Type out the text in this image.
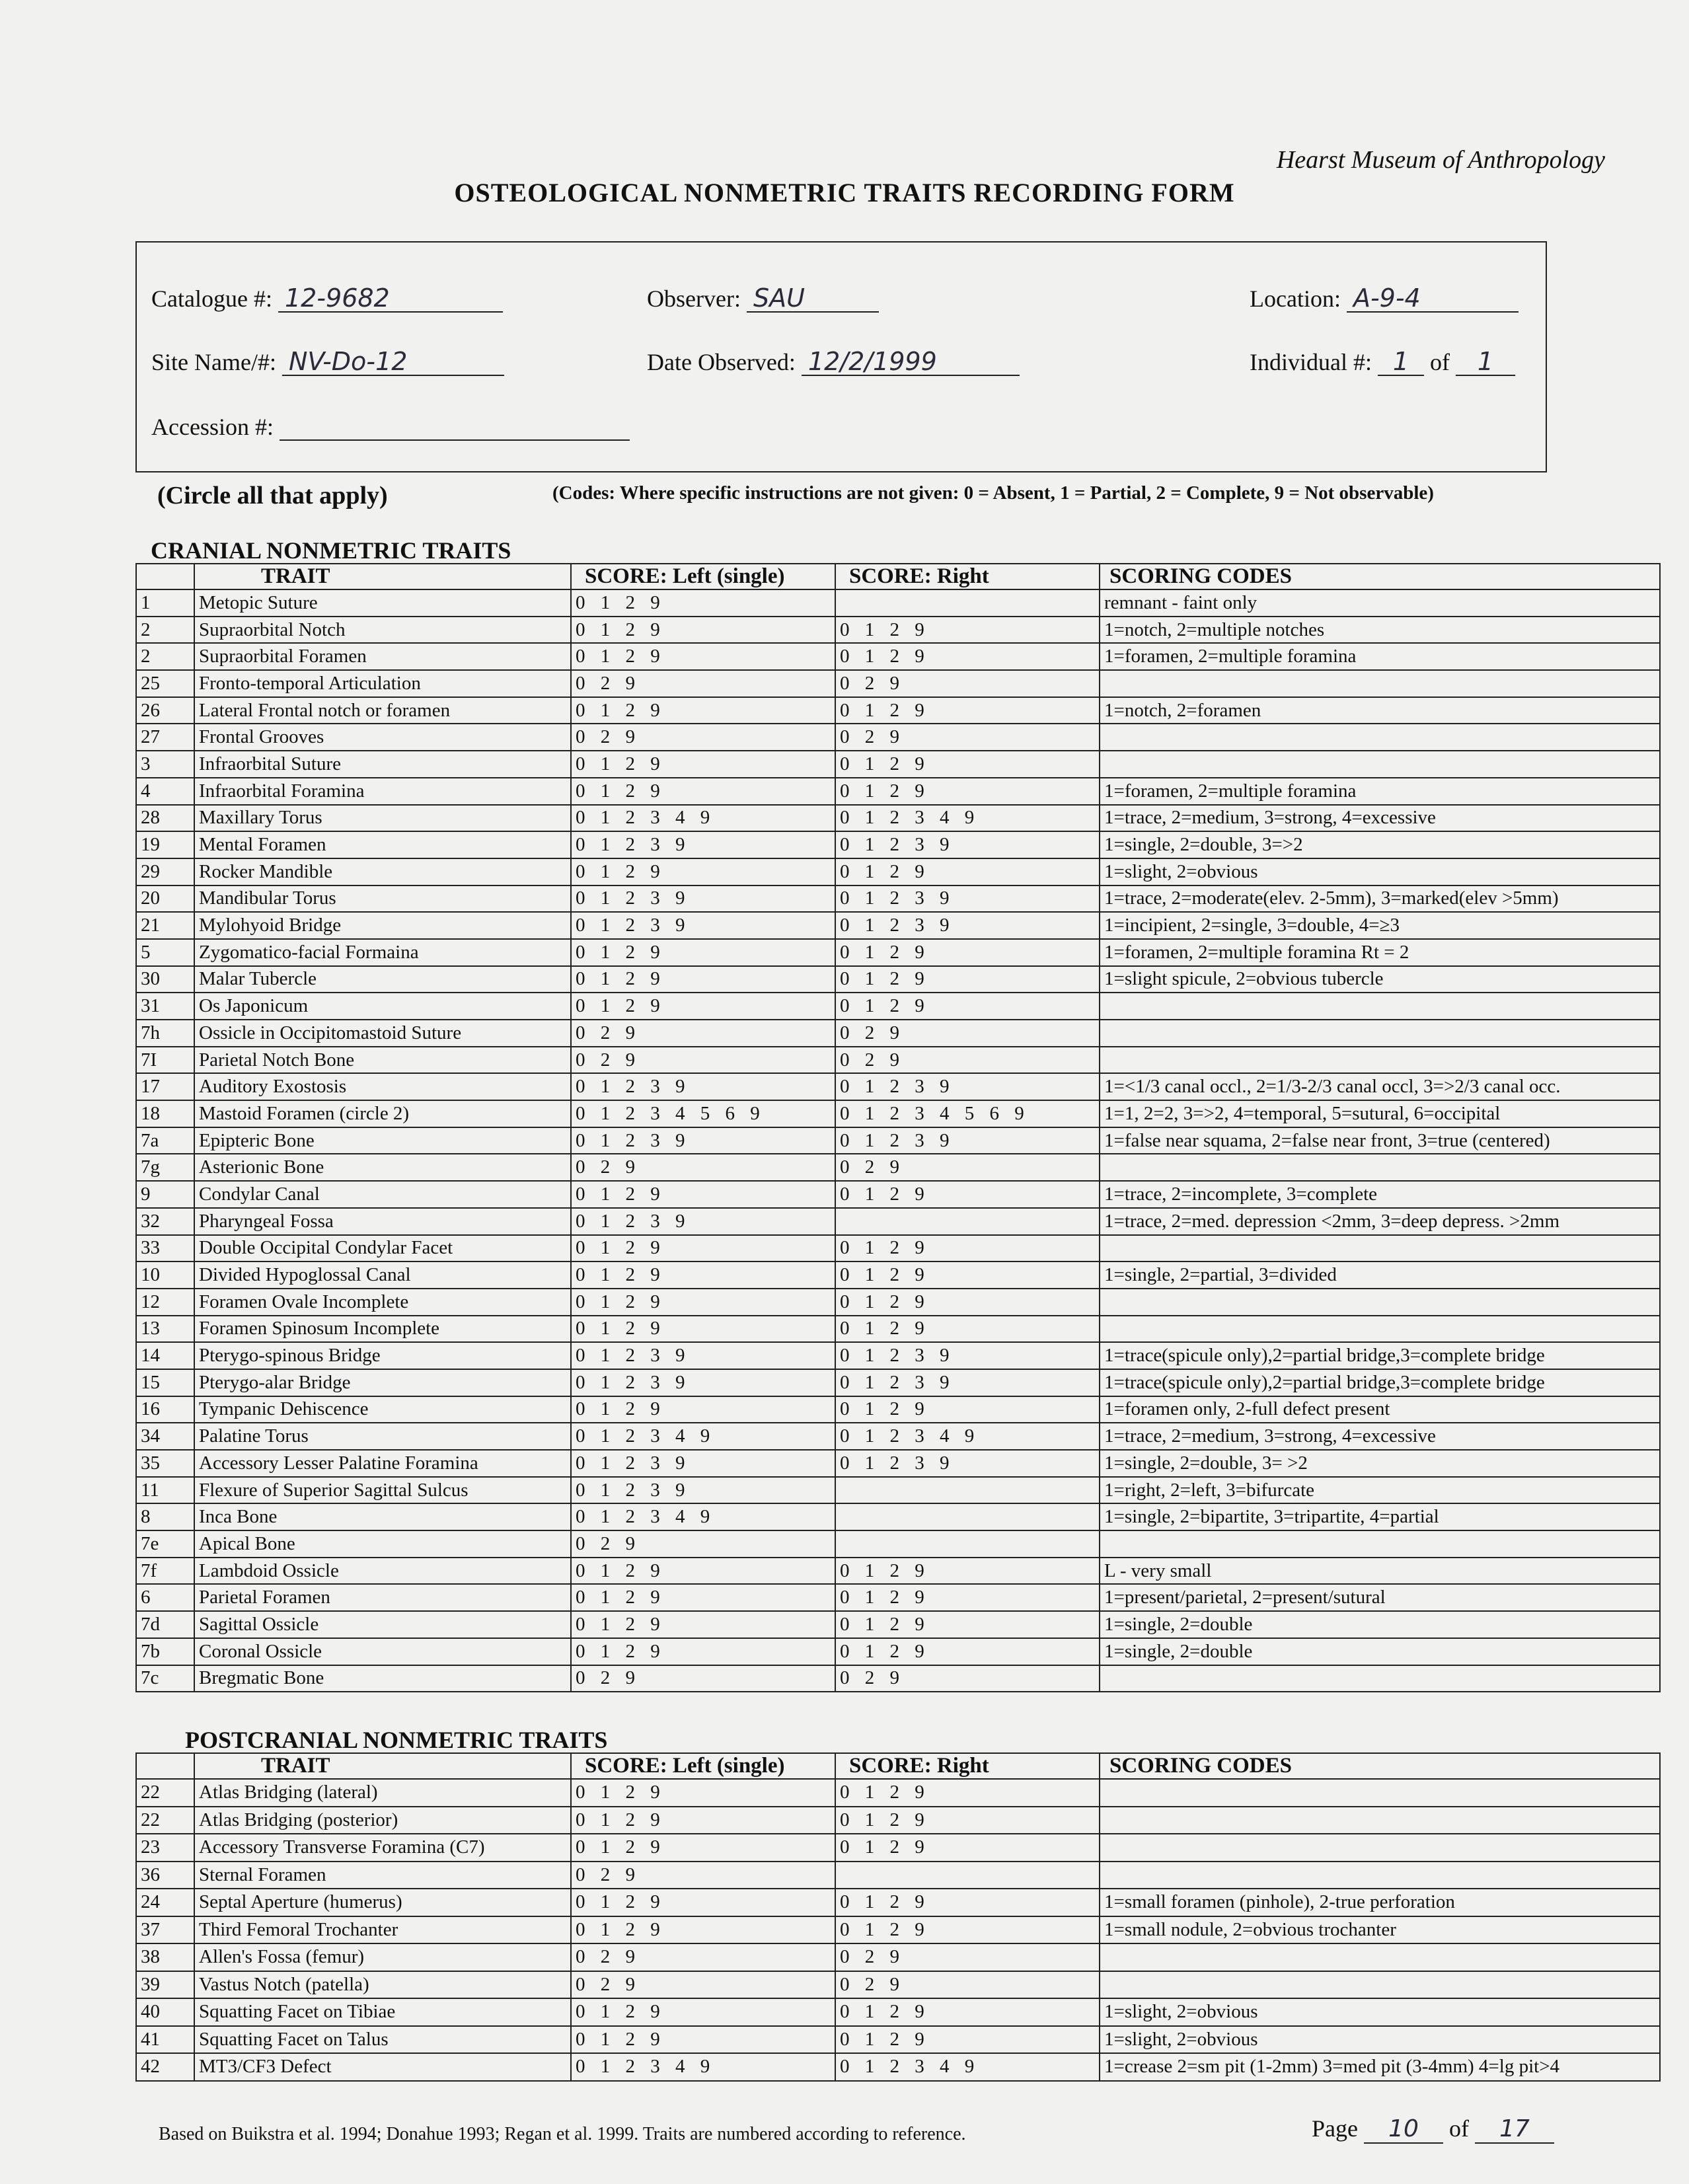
Hearst Museum of Anthropology
OSTEOLOGICAL NONMETRIC TRAITS RECORDING FORM
Catalogue #: 12-9682	Observer: SAU	Location: A-9-4
Site Name/#: NV-Do-12	Date Observed: 12/2/1999	Individual #: 1 of 1
Accession #:
(Circle all that apply)	(Codes: Where specific instructions are not given: 0 = Absent, 1 = Partial, 2 = Complete, 9 = Not observable)
CRANIAL NONMETRIC TRAITS
	TRAIT	SCORE: Left (single)	SCORE: Right	SCORING CODES
1	Metopic Suture	0 1 2 9		remnant - faint only
2	Supraorbital Notch	0 1 2 9	0 1 2 9	1=notch, 2=multiple notches
2	Supraorbital Foramen	0 1 2 9	0 1 2 9	1=foramen, 2=multiple foramina
25	Fronto-temporal Articulation	0 2 9	0 2 9	
26	Lateral Frontal notch or foramen	0 1 2 9	0 1 2 9	1=notch, 2=foramen
27	Frontal Grooves	0 2 9	0 2 9	
3	Infraorbital Suture	0 1 2 9	0 1 2 9	
4	Infraorbital Foramina	0 1 2 9	0 1 2 9	1=foramen, 2=multiple foramina
28	Maxillary Torus	0 1 2 3 4 9	0 1 2 3 4 9	1=trace, 2=medium, 3=strong, 4=excessive
19	Mental Foramen	0 1 2 3 9	0 1 2 3 9	1=single, 2=double, 3=>2
29	Rocker Mandible	0 1 2 9	0 1 2 9	1=slight, 2=obvious
20	Mandibular Torus	0 1 2 3 9	0 1 2 3 9	1=trace, 2=moderate(elev. 2-5mm), 3=marked(elev >5mm)
21	Mylohyoid Bridge	0 1 2 3 9	0 1 2 3 9	1=incipient, 2=single, 3=double, 4=≥3
5	Zygomatico-facial Formaina	0 1 2 9	0 1 2 9	1=foramen, 2=multiple foramina Rt = 2
30	Malar Tubercle	0 1 2 9	0 1 2 9	1=slight spicule, 2=obvious tubercle
31	Os Japonicum	0 1 2 9	0 1 2 9	
7h	Ossicle in Occipitomastoid Suture	0 2 9	0 2 9	
7I	Parietal Notch Bone	0 2 9	0 2 9	
17	Auditory Exostosis	0 1 2 3 9	0 1 2 3 9	1=<1/3 canal occl., 2=1/3-2/3 canal occl, 3=>2/3 canal occ.
18	Mastoid Foramen (circle 2)	0 1 2 3 4 5 6 9	0 1 2 3 4 5 6 9	1=1, 2=2, 3=>2, 4=temporal, 5=sutural, 6=occipital
7a	Epipteric Bone	0 1 2 3 9	0 1 2 3 9	1=false near squama, 2=false near front, 3=true (centered)
7g	Asterionic Bone	0 2 9	0 2 9	
9	Condylar Canal	0 1 2 9	0 1 2 9	1=trace, 2=incomplete, 3=complete
32	Pharyngeal Fossa	0 1 2 3 9		1=trace, 2=med. depression <2mm, 3=deep depress. >2mm
33	Double Occipital Condylar Facet	0 1 2 9	0 1 2 9	
10	Divided Hypoglossal Canal	0 1 2 9	0 1 2 9	1=single, 2=partial, 3=divided
12	Foramen Ovale Incomplete	0 1 2 9	0 1 2 9	
13	Foramen Spinosum Incomplete	0 1 2 9	0 1 2 9	
14	Pterygo-spinous Bridge	0 1 2 3 9	0 1 2 3 9	1=trace(spicule only),2=partial bridge,3=complete bridge
15	Pterygo-alar Bridge	0 1 2 3 9	0 1 2 3 9	1=trace(spicule only),2=partial bridge,3=complete bridge
16	Tympanic Dehiscence	0 1 2 9	0 1 2 9	1=foramen only, 2-full defect present
34	Palatine Torus	0 1 2 3 4 9	0 1 2 3 4 9	1=trace, 2=medium, 3=strong, 4=excessive
35	Accessory Lesser Palatine Foramina	0 1 2 3 9	0 1 2 3 9	1=single, 2=double, 3= >2
11	Flexure of Superior Sagittal Sulcus	0 1 2 3 9		1=right, 2=left, 3=bifurcate
8	Inca Bone	0 1 2 3 4 9		1=single, 2=bipartite, 3=tripartite, 4=partial
7e	Apical Bone	0 2 9		
7f	Lambdoid Ossicle	0 1 2 9	0 1 2 9	L - very small
6	Parietal Foramen	0 1 2 9	0 1 2 9	1=present/parietal, 2=present/sutural
7d	Sagittal Ossicle	0 1 2 9	0 1 2 9	1=single, 2=double
7b	Coronal Ossicle	0 1 2 9	0 1 2 9	1=single, 2=double
7c	Bregmatic Bone	0 2 9	0 2 9	
POSTCRANIAL NONMETRIC TRAITS
	TRAIT	SCORE: Left (single)	SCORE: Right	SCORING CODES
22	Atlas Bridging (lateral)	0 1 2 9	0 1 2 9	
22	Atlas Bridging (posterior)	0 1 2 9	0 1 2 9	
23	Accessory Transverse Foramina (C7)	0 1 2 9	0 1 2 9	
36	Sternal Foramen	0 2 9		
24	Septal Aperture (humerus)	0 1 2 9	0 1 2 9	1=small foramen (pinhole), 2-true perforation
37	Third Femoral Trochanter	0 1 2 9	0 1 2 9	1=small nodule, 2=obvious trochanter
38	Allen's Fossa (femur)	0 2 9	0 2 9	
39	Vastus Notch (patella)	0 2 9	0 2 9	
40	Squatting Facet on Tibiae	0 1 2 9	0 1 2 9	1=slight, 2=obvious
41	Squatting Facet on Talus	0 1 2 9	0 1 2 9	1=slight, 2=obvious
42	MT3/CF3 Defect	0 1 2 3 4 9	0 1 2 3 4 9	1=crease 2=sm pit (1-2mm) 3=med pit (3-4mm) 4=lg pit>4
Based on Buikstra et al. 1994; Donahue 1993; Regan et al. 1999. Traits are numbered according to reference.	Page 10 of 17
